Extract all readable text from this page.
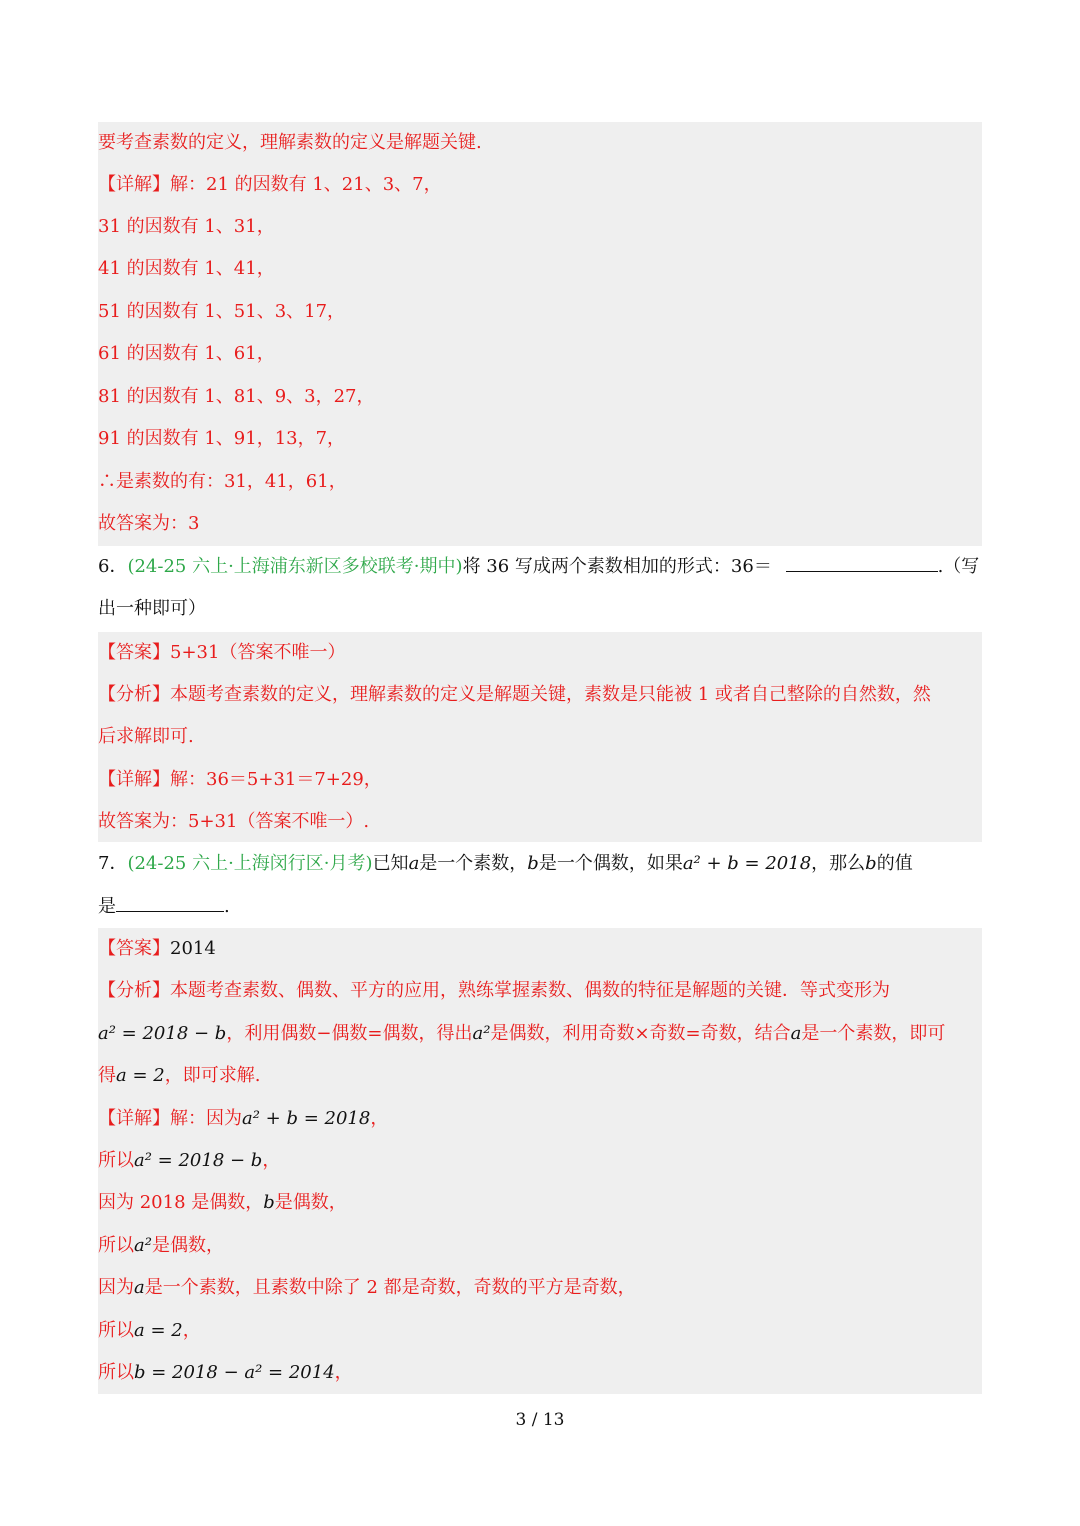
要考查素数的定义，理解素数的定义是解题关键.
【详解】解：21 的因数有 1、21、3、7，
31 的因数有 1、31，
41 的因数有 1、41，
51 的因数有 1、51、3、17，
61 的因数有 1、61，
81 的因数有 1、81、9、3，27，
91 的因数有 1、91，13，7，
∴是素数的有：31，41，61，
故答案为：3
6．(24-25 六上·上海浦东新区多校联考·期中)将 36 写成两个素数相加的形式：36＝	.（写
出一种即可）
【答案】5+31（答案不唯一）
【分析】本题考查素数的定义，理解素数的定义是解题关键，素数是只能被 1 或者自己整除的自然数，然
后求解即可.
【详解】解：36＝5+31＝7+29，
故答案为：5+31（答案不唯一）.
7．(24-25 六上·上海闵行区·月考)已知a是一个素数，b是一个偶数，如果a² + b = 2018，那么b的值
是	.
【答案】2014
【分析】本题考查素数、偶数、平方的应用，熟练掌握素数、偶数的特征是解题的关键．等式变形为
a² = 2018 − b，利用偶数−偶数=偶数，得出a²是偶数，利用奇数×奇数=奇数，结合a是一个素数，即可
得a = 2，即可求解.
【详解】解：因为a² + b = 2018，
所以a² = 2018 − b，
因为 2018 是偶数，b是偶数，
所以a²是偶数，
因为a是一个素数，且素数中除了 2 都是奇数，奇数的平方是奇数，
所以a = 2，
所以b = 2018 − a² = 2014，
3 / 13
